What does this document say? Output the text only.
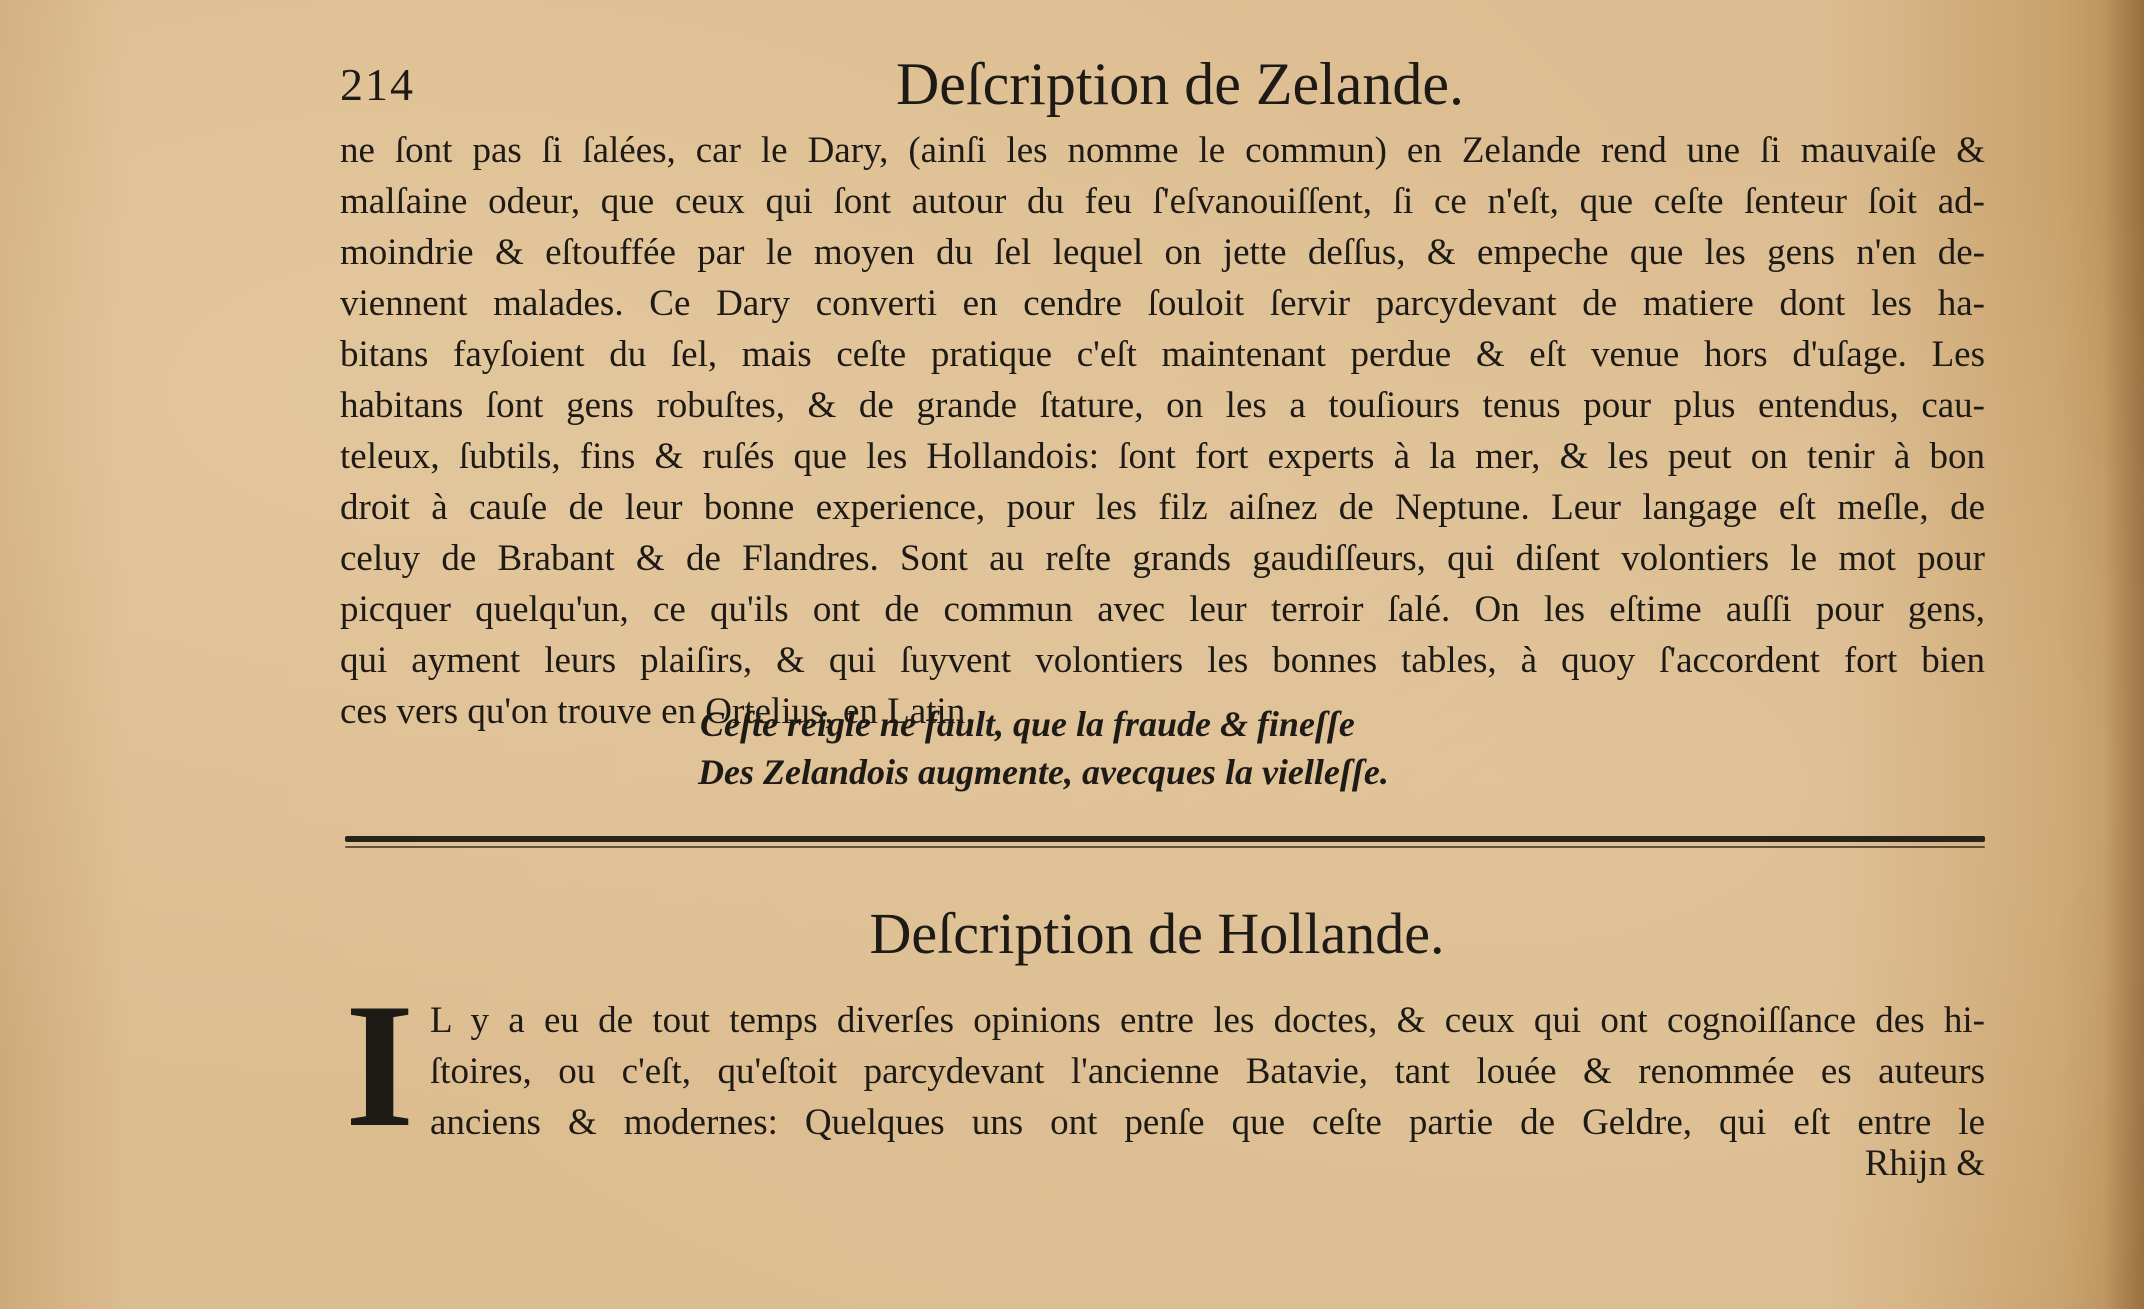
214	Deſcription de Zelande.
ne ſont pas ſi ſalées, car le Dary, (ainſi les nomme le commun) en Zelande rend une ſi mauvaiſe &
malſaine odeur, que ceux qui ſont autour du feu ſ'eſvanouiſſent, ſi ce n'eſt, que ceſte ſenteur ſoit ad-
moindrie & eſtouffée par le moyen du ſel lequel on jette deſſus, & empeche que les gens n'en de-
viennent malades. Ce Dary converti en cendre ſouloit ſervir parcydevant de matiere dont les ha-
bitans fayſoient du ſel, mais ceſte pratique c'eſt maintenant perdue & eſt venue hors d'uſage. Les
habitans ſont gens robuſtes, & de grande ſtature, on les a touſiours tenus pour plus entendus, cau-
teleux, ſubtils, fins & ruſés que les Hollandois: ſont fort experts à la mer, & les peut on tenir à bon
droit à cauſe de leur bonne experience, pour les filz aiſnez de Neptune. Leur langage eſt meſle, de
celuy de Brabant & de Flandres. Sont au reſte grands gaudiſſeurs, qui diſent volontiers le mot pour
picquer quelqu'un, ce qu'ils ont de commun avec leur terroir ſalé. On les eſtime auſſi pour gens,
qui ayment leurs plaiſirs, & qui ſuyvent volontiers les bonnes tables, à quoy ſ'accordent fort bien
ces vers qu'on trouve en Ortelius, en Latin.
Ceſte reigle ne fault, que la fraude & fineſſe
Des Zelandois augmente, avecques la vielleſſe.
Deſcription de Hollande.
I L y a eu de tout temps diverſes opinions entre les doctes, & ceux qui ont cognoiſſance des hi-
ſtoires, ou c'eſt, qu'eſtoit parcydevant l'ancienne Batavie, tant louée & renommée es auteurs
anciens & modernes: Quelques uns ont penſe que ceſte partie de Geldre, qui eſt entre le
Rhijn &
